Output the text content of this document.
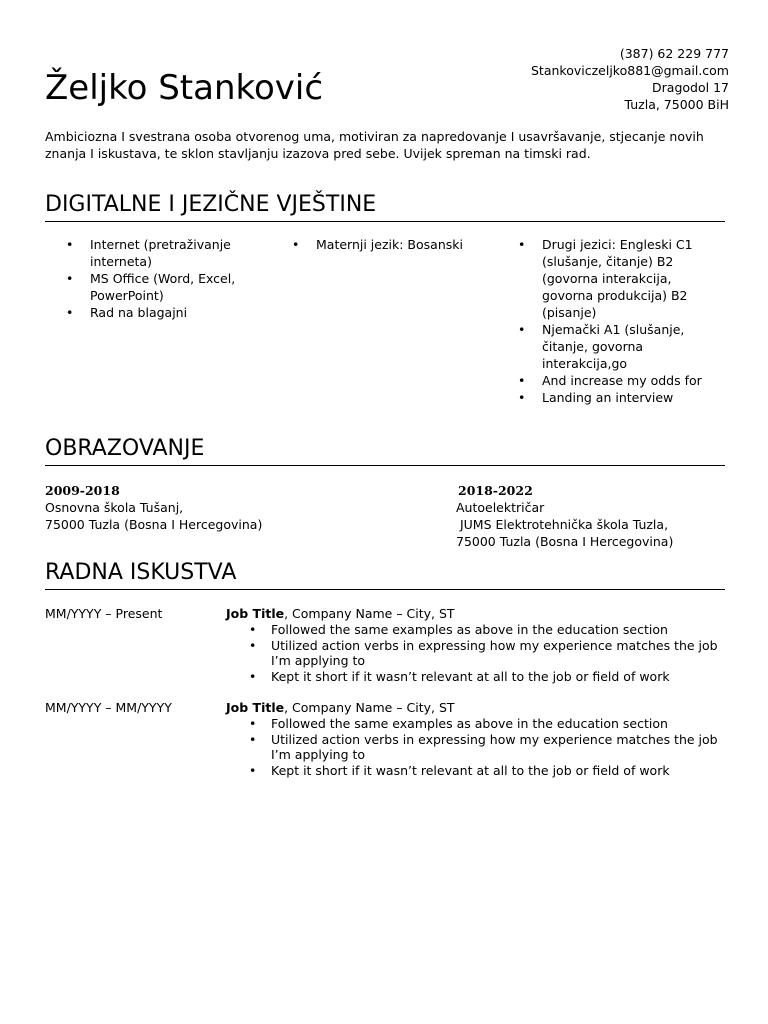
(387) 62 229 777
Stankoviczeljko881@gmail.com
Dragodol 17
Tuzla, 75000 BiH
Željko Stanković

Ambiciozna I svestrana osoba otvorenog uma, motiviran za napredovanje I usavršavanje, stjecanje novih znanja I iskustava, te sklon stavljanju izazova pred sebe. Uvijek spreman na timski rad.

DIGITALNE I JEZIČNE VJEŠTINE
• Internet (pretraživanje interneta)
• MS Office (Word, Excel, PowerPoint)
• Rad na blagajni
• Maternji jezik: Bosanski
•	Drugi jezici: Engleski C1 (slušanje, čitanje) B2 (govorna interakcija, govorna produkcija) B2 (pisanje)
• Njemački A1 (slušanje, čitanje, govorna interakcija,go
• And increase my odds for
• Landing an interview
OBRAZOVANJE
2009-2018
Osnovna škola Tušanj,
75000 Tuzla (Bosna I Hercegovina)
2018-2022
Autoelektričar
JUMS Elektrotehnička škola Tuzla,
75000 Tuzla (Bosna I Hercegovina)
RADNA ISKUSTVA
MM/YYYY – Present	Job Title, Company Name – City, ST
• Followed the same examples as above in the education section
• Utilized action verbs in expressing how my experience matches the job I’m applying to
• Kept it short if it wasn’t relevant at all to the job or field of work
MM/YYYY – MM/YYYY	Job Title, Company Name – City, ST
• Followed the same examples as above in the education section
• Utilized action verbs in expressing how my experience matches the job I’m applying to
• Kept it short if it wasn’t relevant at all to the job or field of work
